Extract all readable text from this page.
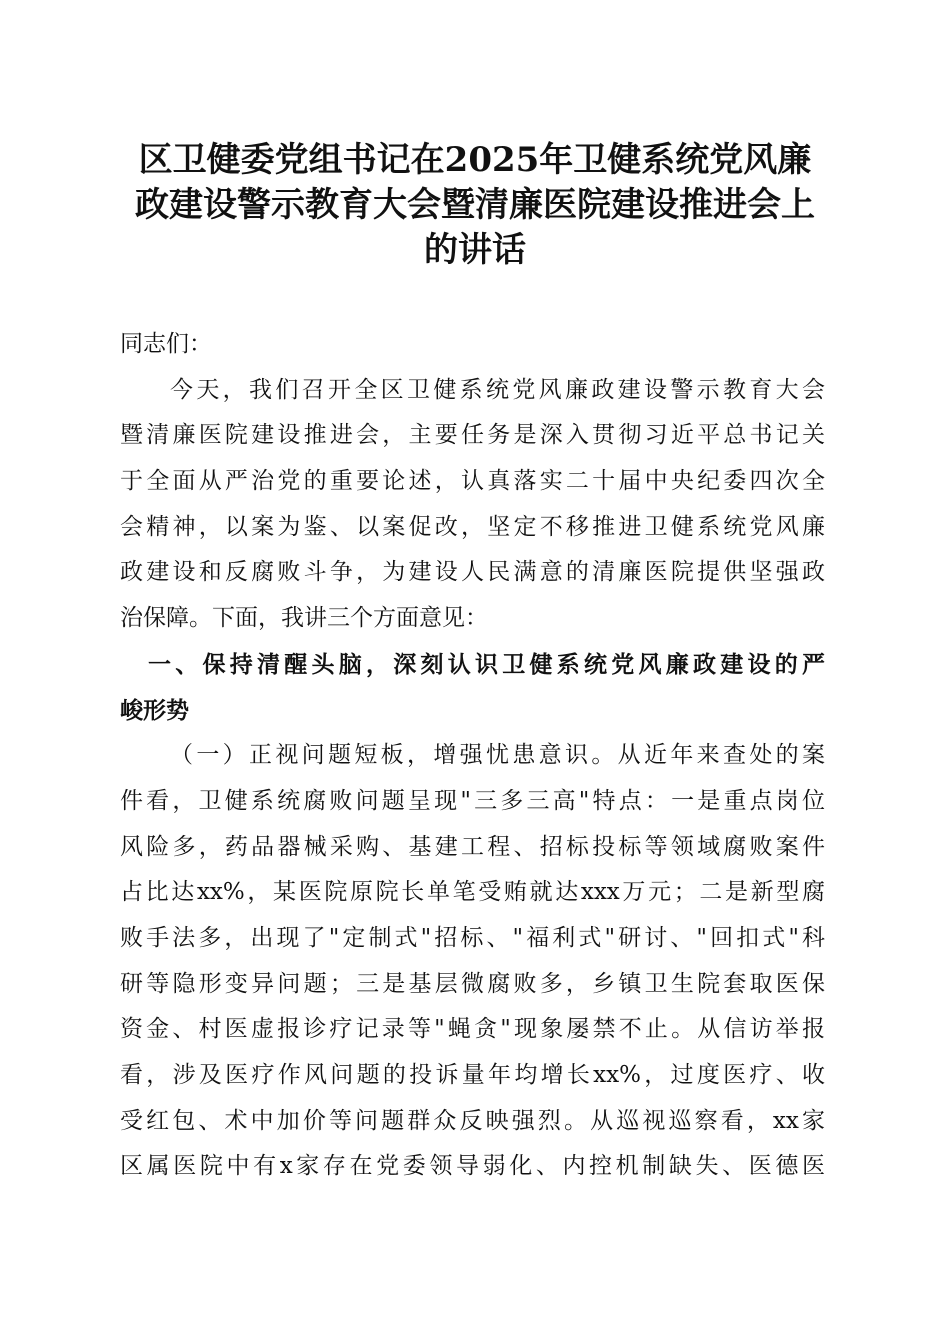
区卫健委党组书记在2025年卫健系统党风廉
政建设警示教育大会暨清廉医院建设推进会上
的讲话
同志们：
今天，我们召开全区卫健系统党风廉政建设警示教育大会
暨清廉医院建设推进会，主要任务是深入贯彻习近平总书记关
于全面从严治党的重要论述，认真落实二十届中央纪委四次全
会精神，以案为鉴、以案促改，坚定不移推进卫健系统党风廉
政建设和反腐败斗争，为建设人民满意的清廉医院提供坚强政
治保障。下面，我讲三个方面意见：
一、保持清醒头脑，深刻认识卫健系统党风廉政建设的严
峻形势
（一）正视问题短板，增强忧患意识。从近年来查处的案
件看，卫健系统腐败问题呈现"三多三高"特点：一是重点岗位
风险多，药品器械采购、基建工程、招标投标等领域腐败案件
占比达xx%，某医院原院长单笔受贿就达xxx万元；二是新型腐
败手法多，出现了"定制式"招标、"福利式"研讨、"回扣式"科
研等隐形变异问题；三是基层微腐败多，乡镇卫生院套取医保
资金、村医虚报诊疗记录等"蝇贪"现象屡禁不止。从信访举报
看，涉及医疗作风问题的投诉量年均增长xx%，过度医疗、收
受红包、术中加价等问题群众反映强烈。从巡视巡察看，xx家
区属医院中有x家存在党委领导弱化、内控机制缺失、医德医
